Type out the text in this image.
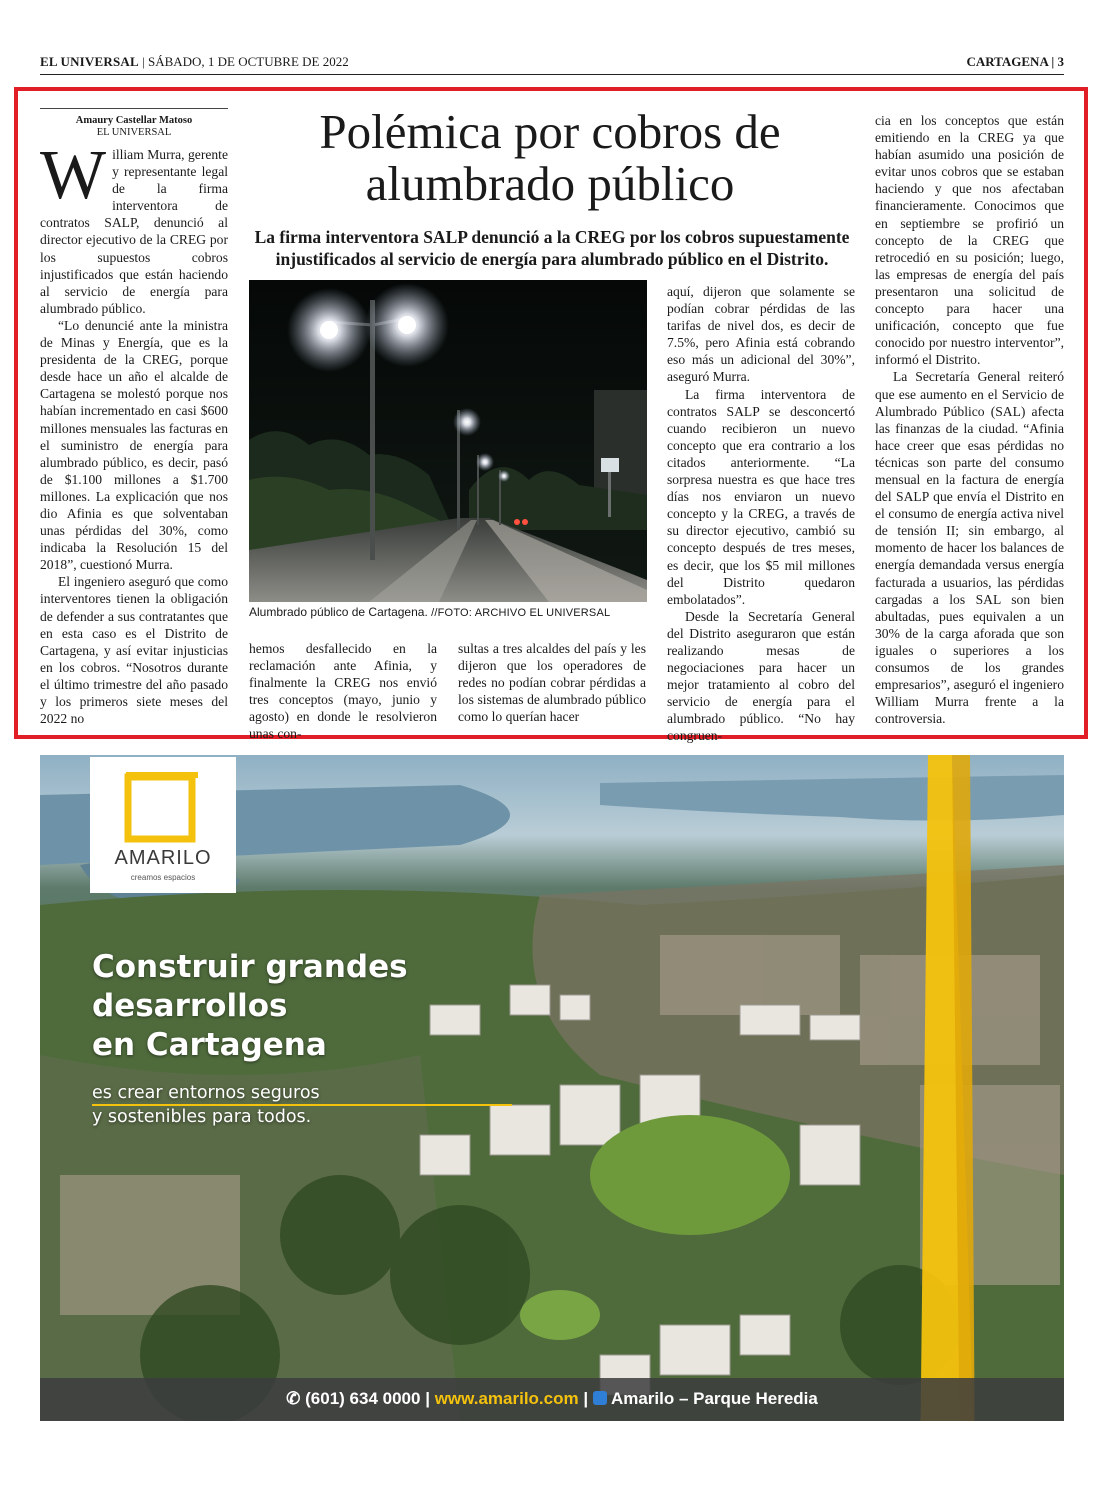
EL UNIVERSAL | SÁBADO, 1 DE OCTUBRE DE 2022	CARTAGENA | 3
Amaury Castellar Matoso
EL UNIVERSAL

William Murra, gerente y representante legal de la firma interventora de contratos SALP, denunció al director ejecutivo de la CREG por los supuestos cobros injustificados que están haciendo al servicio de energía para alumbrado público.

“Lo denuncié ante la ministra de Minas y Energía, que es la presidenta de la CREG, porque desde hace un año el alcalde de Cartagena se molestó porque nos habían incrementado en casi $600 millones mensuales las facturas en el suministro de energía para alumbrado público, es decir, pasó de $1.100 millones a $1.700 millones. La explicación que nos dio Afinia es que solventaban unas pérdidas del 30%, como indicaba la Resolución 15 del 2018”, cuestionó Murra.

El ingeniero aseguró que como interventores tienen la obligación de defender a sus contratantes que en esta caso es el Distrito de Cartagena, y así evitar injusticias en los cobros. “Nosotros durante el último trimestre del año pasado y los primeros siete meses del 2022 no

Polémica por cobros de alumbrado público
La firma interventora SALP denunció a la CREG por los cobros supuestamente injustificados al servicio de energía para alumbrado público en el Distrito.
Alumbrado público de Cartagena. //FOTO: ARCHIVO EL UNIVERSAL

hemos desfallecido en la reclamación ante Afinia, y finalmente la CREG nos envió tres conceptos (mayo, junio y agosto) en donde le resolvieron unas con-

sultas a tres alcaldes del país y les dijeron que los operadores de redes no podían cobrar pérdidas a los sistemas de alumbrado público como lo querían hacer

aquí, dijeron que solamente se podían cobrar pérdidas de las tarifas de nivel dos, es decir de 7.5%, pero Afinia está cobrando eso más un adicional del 30%”, aseguró Murra.

La firma interventora de contratos SALP se desconcertó cuando recibieron un nuevo concepto que era contrario a los citados anteriormente. “La sorpresa nuestra es que hace tres días nos enviaron un nuevo concepto y la CREG, a través de su director ejecutivo, cambió su concepto después de tres meses, es decir, que los $5 mil millones del Distrito quedaron embolatados”.

Desde la Secretaría General del Distrito aseguraron que están realizando mesas de negociaciones para hacer un mejor tratamiento al cobro del servicio de energía para el alumbrado público. “No hay congruen-

cia en los conceptos que están emitiendo en la CREG ya que habían asumido una posición de evitar unos cobros que se estaban haciendo y que nos afectaban financieramente. Conocimos que en septiembre se profirió un concepto de la CREG que retrocedió en su posición; luego, las empresas de energía del país presentaron una solicitud de concepto para hacer una unificación, concepto que fue conocido por nuestro interventor”, informó el Distrito.

La Secretaría General reiteró que ese aumento en el Servicio de Alumbrado Público (SAL) afecta las finanzas de la ciudad. “Afinia hace creer que esas pérdidas no técnicas son parte del consumo mensual en la factura de energía del SALP que envía el Distrito en el consumo de energía activa nivel de tensión II; sin embargo, al momento de hacer los balances de energía demandada versus energía facturada a usuarios, las pérdidas cargadas a los SAL son bien abultadas, pues equivalen a un 30% de la carga aforada que son iguales o superiores a los consumos de los grandes empresarios”, aseguró el ingeniero William Murra frente a la controversia.

AMARILO
creamos espacios
Construir grandes
desarrollos
en Cartagena
es crear entornos seguros
y sostenibles para todos.
✆ (601) 634 0000 | www.amarilo.com | Amarilo – Parque Heredia
